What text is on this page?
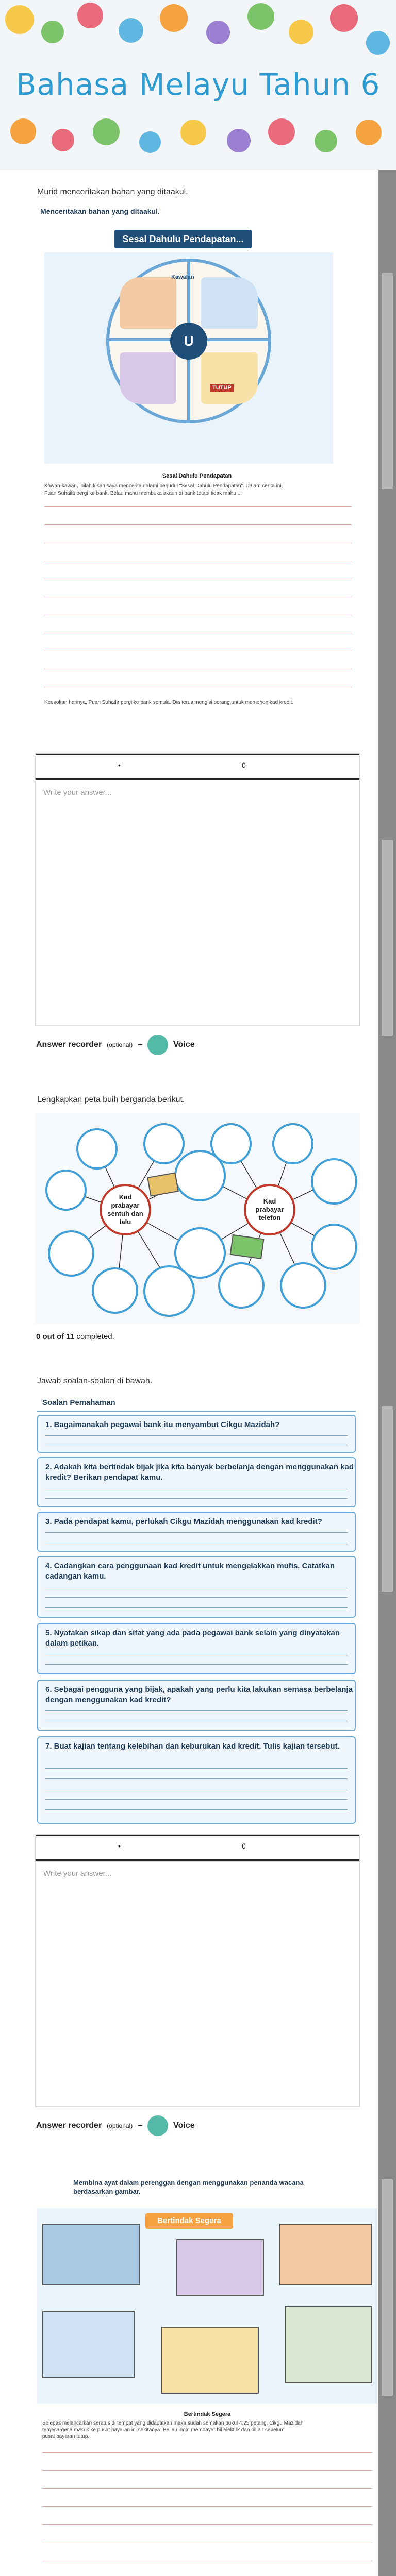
Bahasa Melayu Tahun 6
Murid menceritakan bahan yang ditaakul.
Menceritakan bahan yang ditaakul.
Sesal Dahulu Pendapatan...
U
Kawalan
TUTUP
Sesal Dahulu Pendapatan
Kawan-kawan, inilah kisah saya mencerita dalami berjudul "Sesal Dahulu Pendapatan". Dalam cerita ini,
Puan Suhaila pergi ke bank. Belau mahu membuka akaun di bank tetapi tidak mahu ...
Keesokan harinya, Puan Suhaila pergi ke bank semula. Dia terus mengisi borang untuk memohon kad kredit.
•	0
Write your answer...
Answer recorder (optional) –	Voice
Lengkapkan peta buih berganda berikut.
Kad prabayar sentuh dan lalu
Kad prabayar telefon
0 out of 11 completed.
Jawab soalan-soalan di bawah.
Soalan Pemahaman
1. Bagaimanakah pegawai bank itu menyambut Cikgu Mazidah?
2. Adakah kita bertindak bijak jika kita banyak berbelanja dengan menggunakan kad kredit? Berikan pendapat kamu.
3. Pada pendapat kamu, perlukah Cikgu Mazidah menggunakan kad kredit?
4. Cadangkan cara penggunaan kad kredit untuk mengelakkan mufis. Catatkan cadangan kamu.
5. Nyatakan sikap dan sifat yang ada pada pegawai bank selain yang dinyatakan dalam petikan.
6. Sebagai pengguna yang bijak, apakah yang perlu kita lakukan semasa berbelanja dengan menggunakan kad kredit?
7. Buat kajian tentang kelebihan dan keburukan kad kredit. Tulis kajian tersebut.
•	0
Write your answer...
Answer recorder (optional) –	Voice
Membina ayat dalam perenggan dengan menggunakan penanda wacana berdasarkan gambar.
Bertindak Segera
Bertindak Segera
Selepas melancarkan seratus di tempat yang didapatkan maka sudah semakan pukul 4.25 petang. Cikgu Mazidah
tergesa-gesa masuk ke pusat bayaran ini sekiranya. Beliau ingin membayar bil elektrik dan bil air sebelum
pusat bayaran tutup.
